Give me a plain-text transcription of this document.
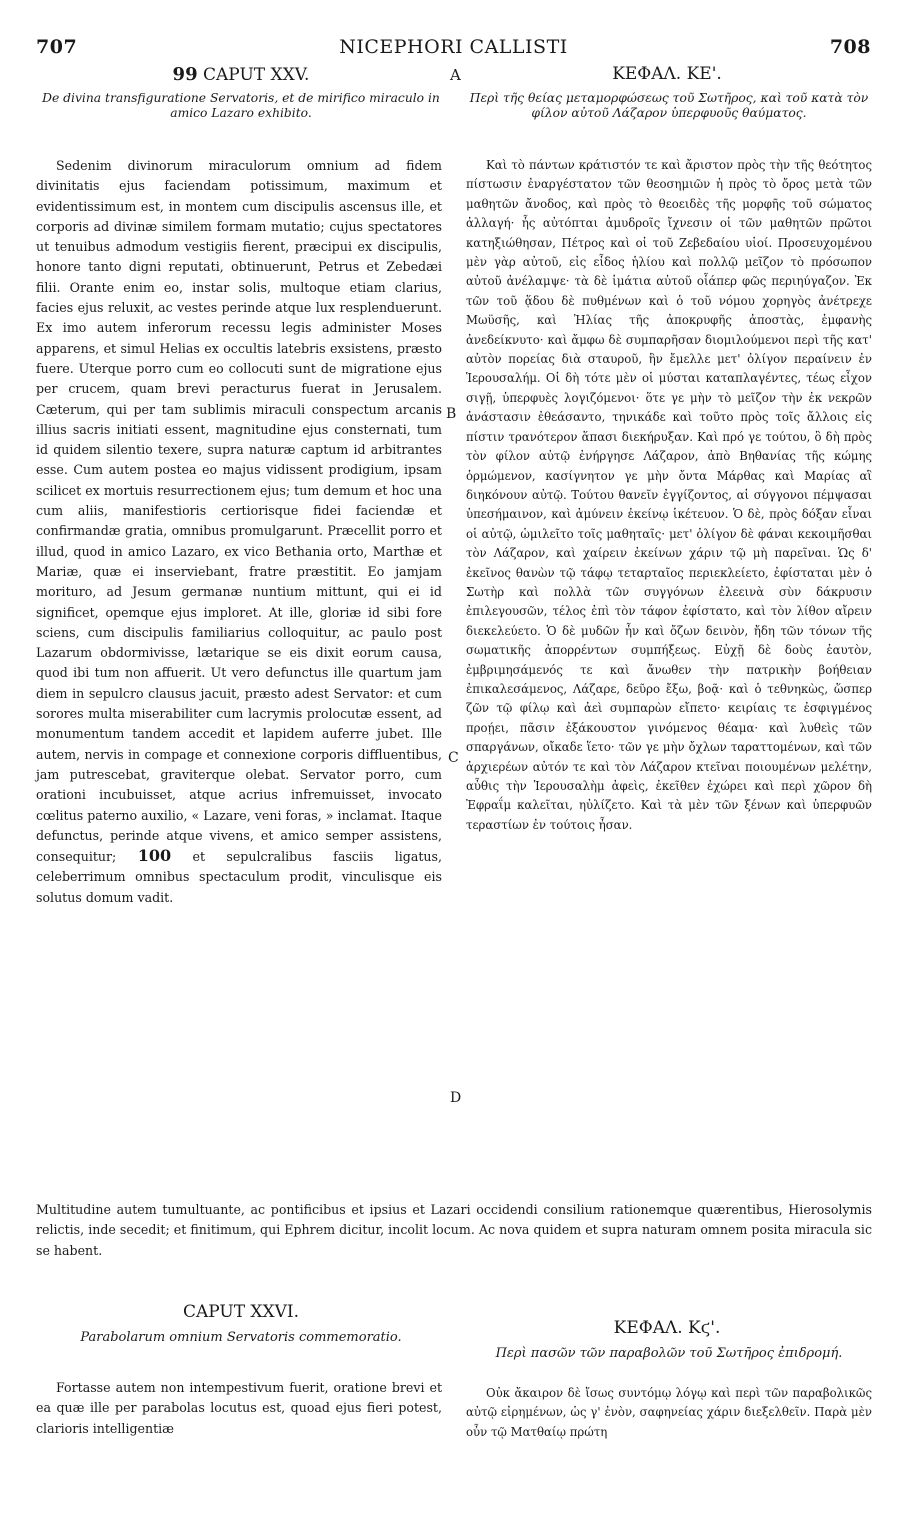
707	NICEPHORI CALLISTI	708
99 CAPUT XXV.
De divina transfiguratione Servatoris, et de mirifico miraculo in amico Lazaro exhibito.
A	ΚΕΦΑΛ. ΚΕ'.
Περὶ τῆς θείας μεταμορφώσεως τοῦ Σωτῆρος, καὶ τοῦ κατὰ τὸν φίλον αὐτοῦ Λάζαρον ὑπερφυοῦς θαύματος.

Sedenim divinorum miraculorum omnium ad fidem divinitatis ejus faciendam potissimum, maximum et evidentissimum est, in montem cum discipulis ascensus ille, et corporis ad divinæ similem formam mutatio; cujus spectatores ut tenuibus admodum vestigiis fierent, præcipui ex discipulis, honore tanto digni reputati, obtinuerunt, Petrus et Zebedæi filii. Orante enim eo, instar solis, multoque etiam clarius, facies ejus reluxit, ac vestes perinde atque lux resplenduerunt. Ex imo autem inferorum recessu legis administer Moses apparens, et simul Helias ex occultis latebris exsistens, præsto fuere. Uterque porro cum eo collocuti sunt de migratione ejus per crucem, quam brevi peracturus fuerat in Jerusalem. Cæterum, qui per tam sublimis miraculi conspectum arcanis illius sacris initiati essent, magnitudine ejus consternati, tum id quidem silentio texere, supra naturæ captum id arbitrantes esse. Cum autem postea eo majus vidissent prodigium, ipsam scilicet ex mortuis resurrectionem ejus; tum demum et hoc una cum aliis, manifestioris certiorisque fidei faciendæ et confirmandæ gratia, omnibus promulgarunt. Præcellit porro et illud, quod in amico Lazaro, ex vico Bethania orto, Marthæ et Mariæ, quæ ei inserviebant, fratre præstitit. Eo jamjam morituro, ad Jesum germanæ nuntium mittunt, qui ei id significet, opemque ejus imploret. At ille, gloriæ id sibi fore sciens, cum discipulis familiarius colloquitur, ac paulo post Lazarum obdormivisse, lætarique se eis dixit eorum causa, quod ibi tum non affuerit. Ut vero defunctus ille quartum jam diem in sepulcro clausus jacuit, præsto adest Servator: et cum sorores multa miserabiliter cum lacrymis prolocutæ essent, ad monumentum tandem accedit et lapidem auferre jubet. Ille autem, nervis in compage et connexione corporis diffluentibus, jam putrescebat, graviterque olebat. Servator porro, cum orationi incubuisset, atque acrius infremuisset, invocato cœlitus paterno auxilio, « Lazare, veni foras, » inclamat. Itaque defunctus, perinde atque vivens, et amico semper assistens, consequitur; 100 et sepulcralibus fasciis ligatus, celeberrimum omnibus spectaculum prodit, vinculisque eis solutus domum vadit.

B
C
D

Καὶ τὸ πάντων κράτιστόν τε καὶ ἄριστον πρὸς τὴν τῆς θεότητος πίστωσιν ἐναργέστατον τῶν θεοσημιῶν ἡ πρὸς τὸ ὄρος μετὰ τῶν μαθητῶν ἄνοδος, καὶ πρὸς τὸ θεοειδὲς τῆς μορφῆς τοῦ σώματος ἀλλαγή· ἧς αὐτόπται ἀμυδροῖς ἴχνεσιν οἱ τῶν μαθητῶν πρῶτοι κατηξιώθησαν, Πέτρος καὶ οἱ τοῦ Ζεβεδαίου υἱοί. Προσευχομένου μὲν γὰρ αὐτοῦ, εἰς εἶδος ἡλίου καὶ πολλῷ μεῖζον τὸ πρόσωπον αὐτοῦ ἀνέλαμψε· τὰ δὲ ἱμάτια αὐτοῦ οἷάπερ φῶς περιηύγαζον. Ἐκ τῶν τοῦ ᾅδου δὲ πυθμένων καὶ ὁ τοῦ νόμου χορηγὸς ἀνέτρεχε Μωϋσῆς, καὶ Ἠλίας τῆς ἀποκρυφῆς ἀποστὰς, ἐμφανὴς ἀνεδείκνυτο· καὶ ἄμφω δὲ συμπαρῆσαν διομιλούμενοι περὶ τῆς κατ' αὐτὸν πορείας διὰ σταυροῦ, ἣν ἔμελλε μετ' ὀλίγον περαίνειν ἐν Ἱερουσαλήμ. Οἱ δὴ τότε μὲν οἱ μύσται καταπλαγέντες, τέως εἶχον σιγῇ, ὑπερφυὲς λογιζόμενοι· ὅτε γε μὴν τὸ μεῖζον τὴν ἐκ νεκρῶν ἀνάστασιν ἐθεάσαντο, τηνικάδε καὶ τοῦτο πρὸς τοῖς ἄλλοις εἰς πίστιν τρανότερον ἅπασι διεκήρυξαν. Καὶ πρό γε τούτου, ὃ δὴ πρὸς τὸν φίλον αὐτῷ ἐνήργησε Λάζαρον, ἀπὸ Βηθανίας τῆς κώμης ὁρμώμενον, κασίγνητον γε μὴν ὄντα Μάρθας καὶ Μαρίας αἳ διηκόνουν αὐτῷ. Τούτου θανεῖν ἐγγίζοντος, αἱ σύγγονοι πέμψασαι ὑπεσήμαινον, καὶ ἀμύνειν ἐκείνῳ ἱκέτευον. Ὁ δὲ, πρὸς δόξαν εἶναι οἱ αὐτῷ, ὡμιλεῖτο τοῖς μαθηταῖς· μετ' ὀλίγον δὲ φάναι κεκοιμῆσθαι τὸν Λάζαρον, καὶ χαίρειν ἐκείνων χάριν τῷ μὴ παρεῖναι. Ὡς δ' ἐκεῖνος θανὼν τῷ τάφῳ τεταρταῖος περιεκλείετο, ἐφίσταται μὲν ὁ Σωτὴρ καὶ πολλὰ τῶν συγγόνων ἐλεεινὰ σὺν δάκρυσιν ἐπιλεγουσῶν, τέλος ἐπὶ τὸν τάφον ἐφίστατο, καὶ τὸν λίθον αἴρειν διεκελεύετο. Ὁ δὲ μυδῶν ἦν καὶ ὄζων δεινὸν, ἤδη τῶν τόνων τῆς σωματικῆς ἀπορρέντων συμπήξεως. Εὐχῇ δὲ δοὺς ἑαυτὸν, ἐμβριμησάμενός τε καὶ ἄνωθεν τὴν πατρικὴν βοήθειαν ἐπικαλεσάμενος, Λάζαρε, δεῦρο ἔξω, βοᾷ· καὶ ὁ τεθνηκὼς, ὥσπερ ζῶν τῷ φίλῳ καὶ ἀεὶ συμπαρὼν εἴπετο· κειρίαις τε ἐσφιγμένος προῄει, πᾶσιν ἐξάκουστον γινόμενος θέαμα· καὶ λυθεὶς τῶν σπαργάνων, οἴκαδε ἵετο· τῶν γε μὴν ὄχλων ταραττομένων, καὶ τῶν ἀρχιερέων αὐτόν τε καὶ τὸν Λάζαρον κτεῖναι ποιουμένων μελέτην, αὖθις τὴν Ἱερουσαλὴμ ἀφεὶς, ἐκεῖθεν ἐχώρει καὶ περὶ χῶρον δὴ Ἐφραΐμ καλεῖται, ηὐλίζετο. Καὶ τὰ μὲν τῶν ξένων καὶ ὑπερφυῶν τεραστίων ἐν τούτοις ἦσαν.

Multitudine autem tumultuante, ac pontificibus et ipsius et Lazari occidendi consilium rationemque quærentibus, Hierosolymis relictis, inde secedit; et finitimum, qui Ephrem dicitur, incolit locum. Ac nova quidem et supra naturam omnem posita miracula sic se habent.

CAPUT XXVI.
Parabolarum omnium Servatoris commemoratio.

Fortasse autem non intempestivum fuerit, oratione brevi et ea quæ ille per parabolas locutus est, quoad ejus fieri potest, clarioris intelligentiæ

ΚΕΦΑΛ. Κϛ'.
Περὶ πασῶν τῶν παραβολῶν τοῦ Σωτῆρος ἐπιδρομή.

Οὐκ ἄκαιρον δὲ ἴσως συντόμῳ λόγῳ καὶ περὶ τῶν παραβολικῶς αὐτῷ εἰρημένων, ὡς γ' ἐνὸν, σαφηνείας χάριν διεξελθεῖν. Παρὰ μὲν οὖν τῷ Ματθαίῳ πρώτη
